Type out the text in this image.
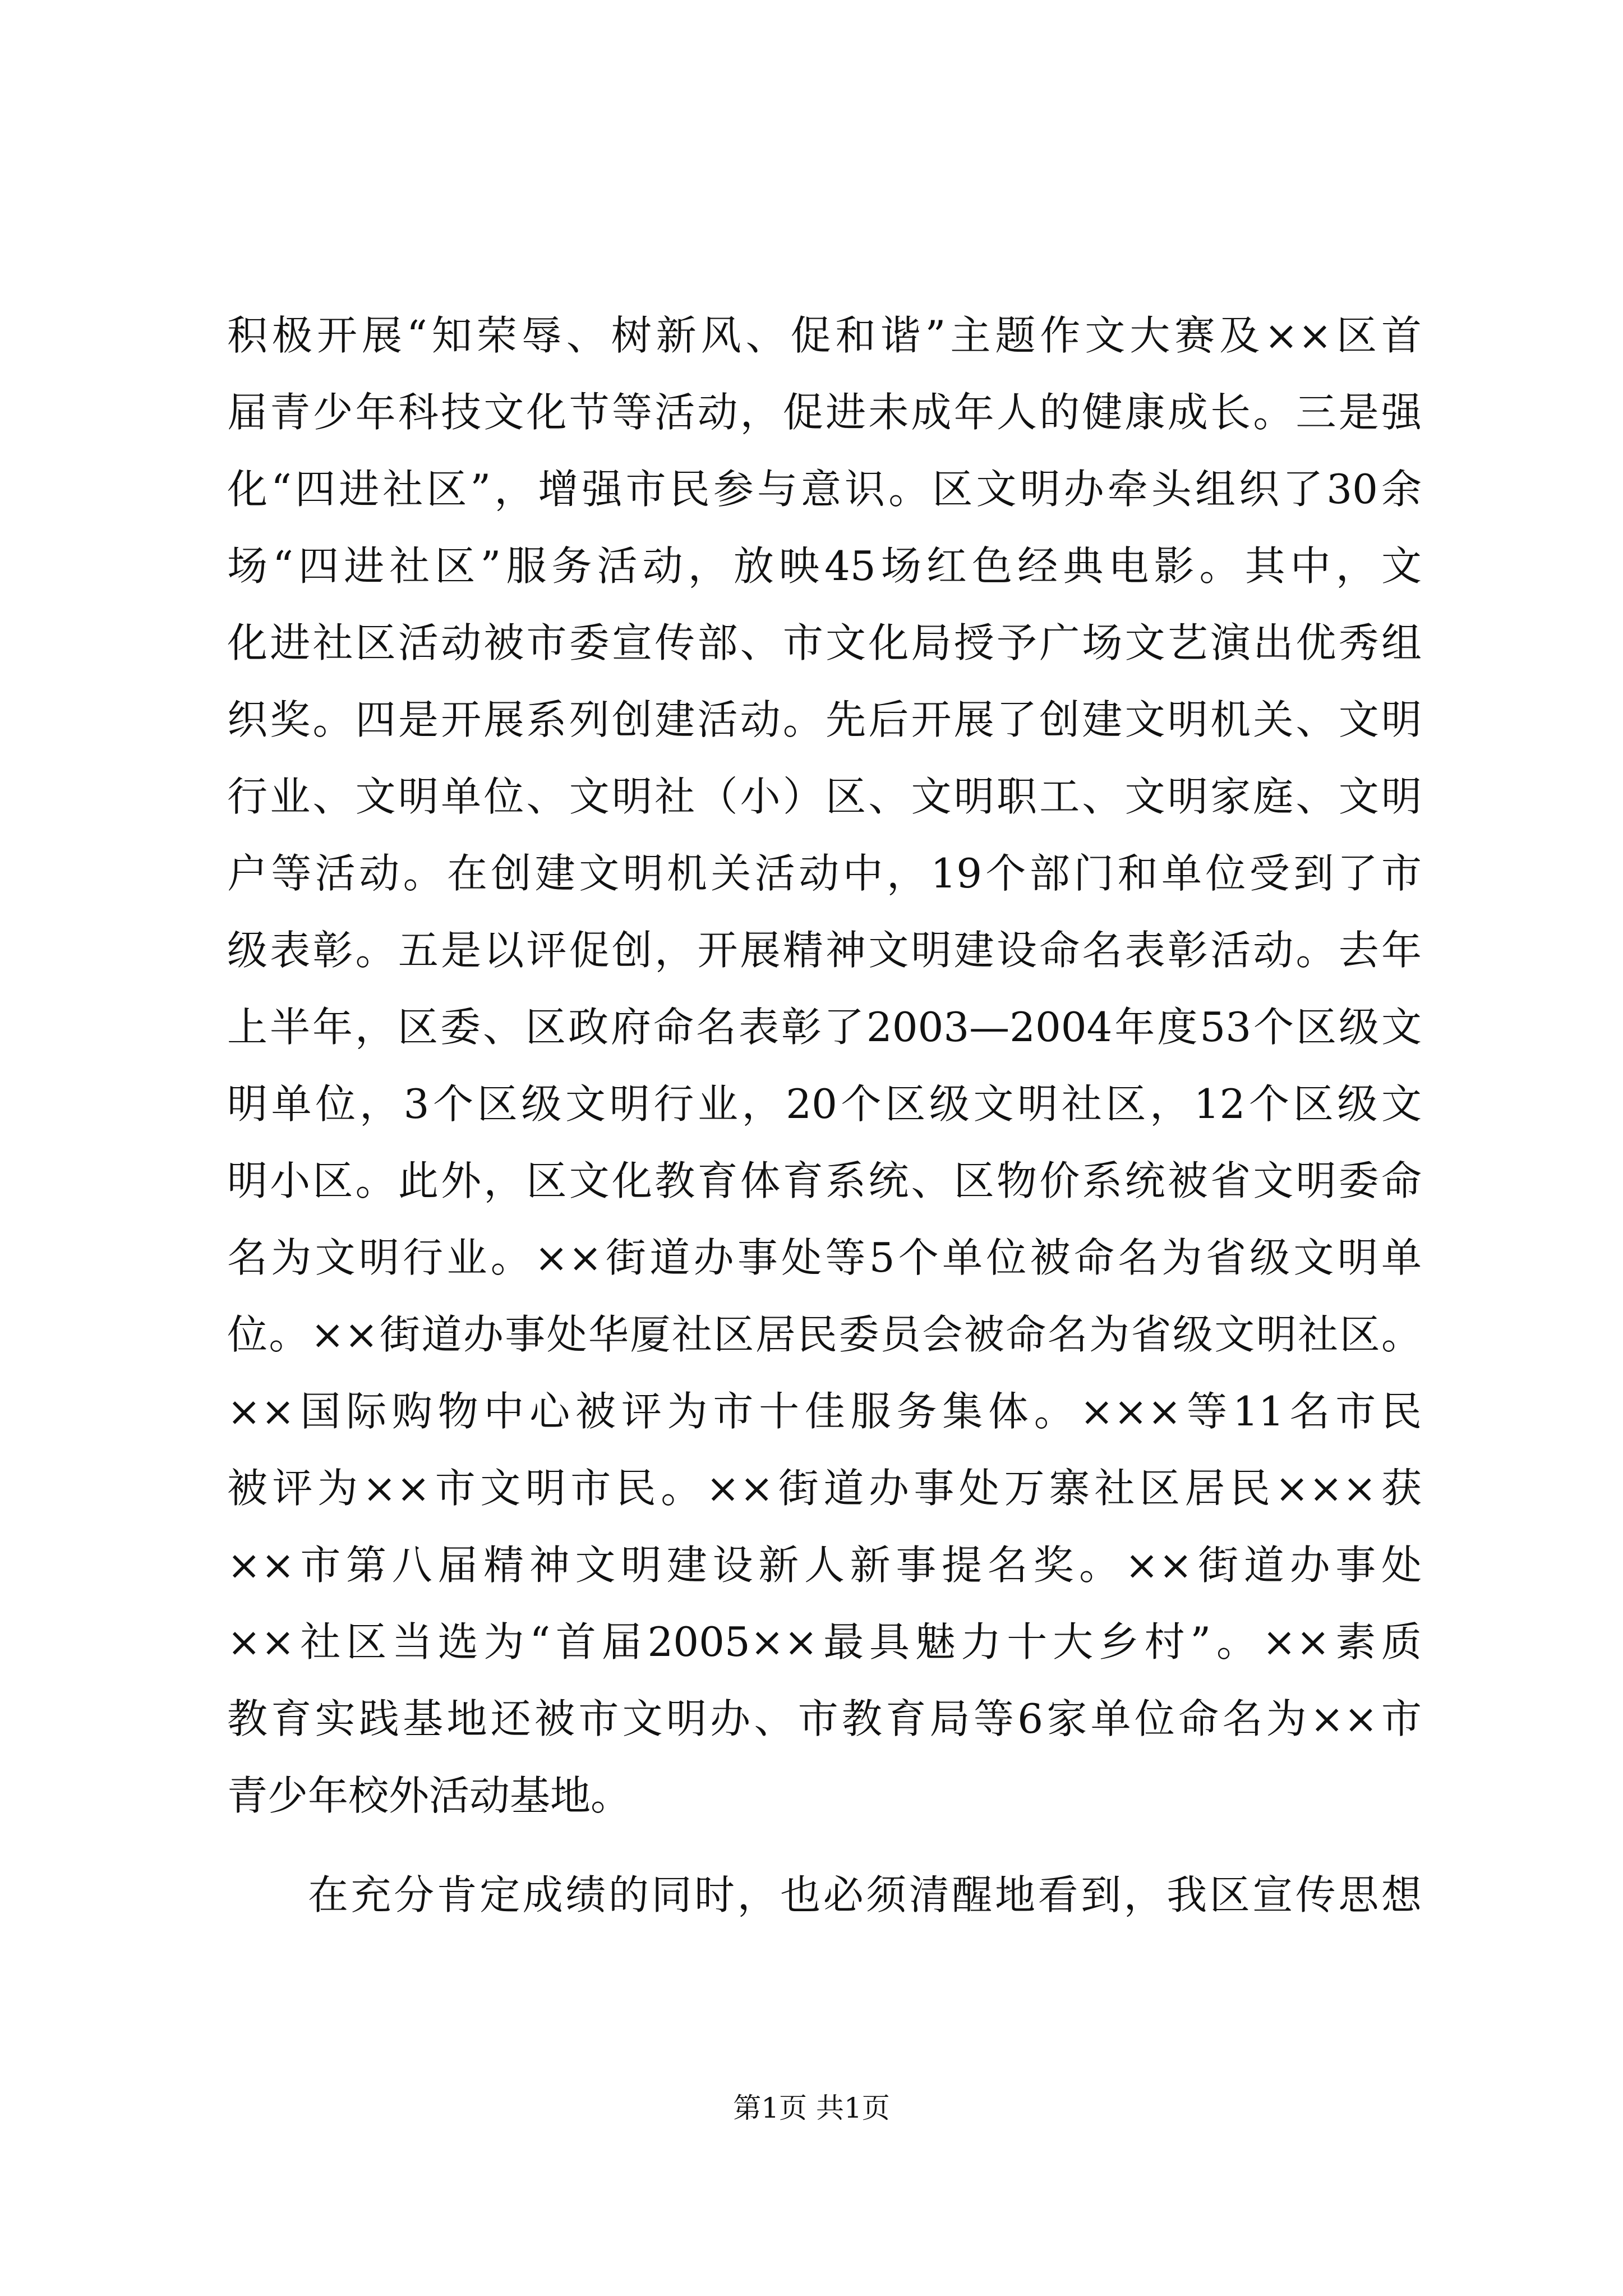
积极开展“知荣辱、树新风、促和谐”主题作文大赛及××区首
届青少年科技文化节等活动，促进未成年人的健康成长。三是强
化“四进社区”，增强市民参与意识。区文明办牵头组织了30余
场“四进社区”服务活动，放映45场红色经典电影。其中，文
化进社区活动被市委宣传部、市文化局授予广场文艺演出优秀组
织奖。四是开展系列创建活动。先后开展了创建文明机关、文明
行业、文明单位、文明社（小）区、文明职工、文明家庭、文明
户等活动。在创建文明机关活动中，19个部门和单位受到了市
级表彰。五是以评促创，开展精神文明建设命名表彰活动。去年
上半年，区委、区政府命名表彰了2003—2004年度53个区级文
明单位，3个区级文明行业，20个区级文明社区，12个区级文
明小区。此外，区文化教育体育系统、区物价系统被省文明委命
名为文明行业。××街道办事处等5个单位被命名为省级文明单
位。××街道办事处华厦社区居民委员会被命名为省级文明社区。
××国际购物中心被评为市十佳服务集体。×××等11名市民
被评为××市文明市民。××街道办事处万寨社区居民×××获
××市第八届精神文明建设新人新事提名奖。××街道办事处
××社区当选为“首届2005××最具魅力十大乡村”。××素质
教育实践基地还被市文明办、市教育局等6家单位命名为××市
青少年校外活动基地。
在充分肯定成绩的同时，也必须清醒地看到，我区宣传思想
第1页 共1页
